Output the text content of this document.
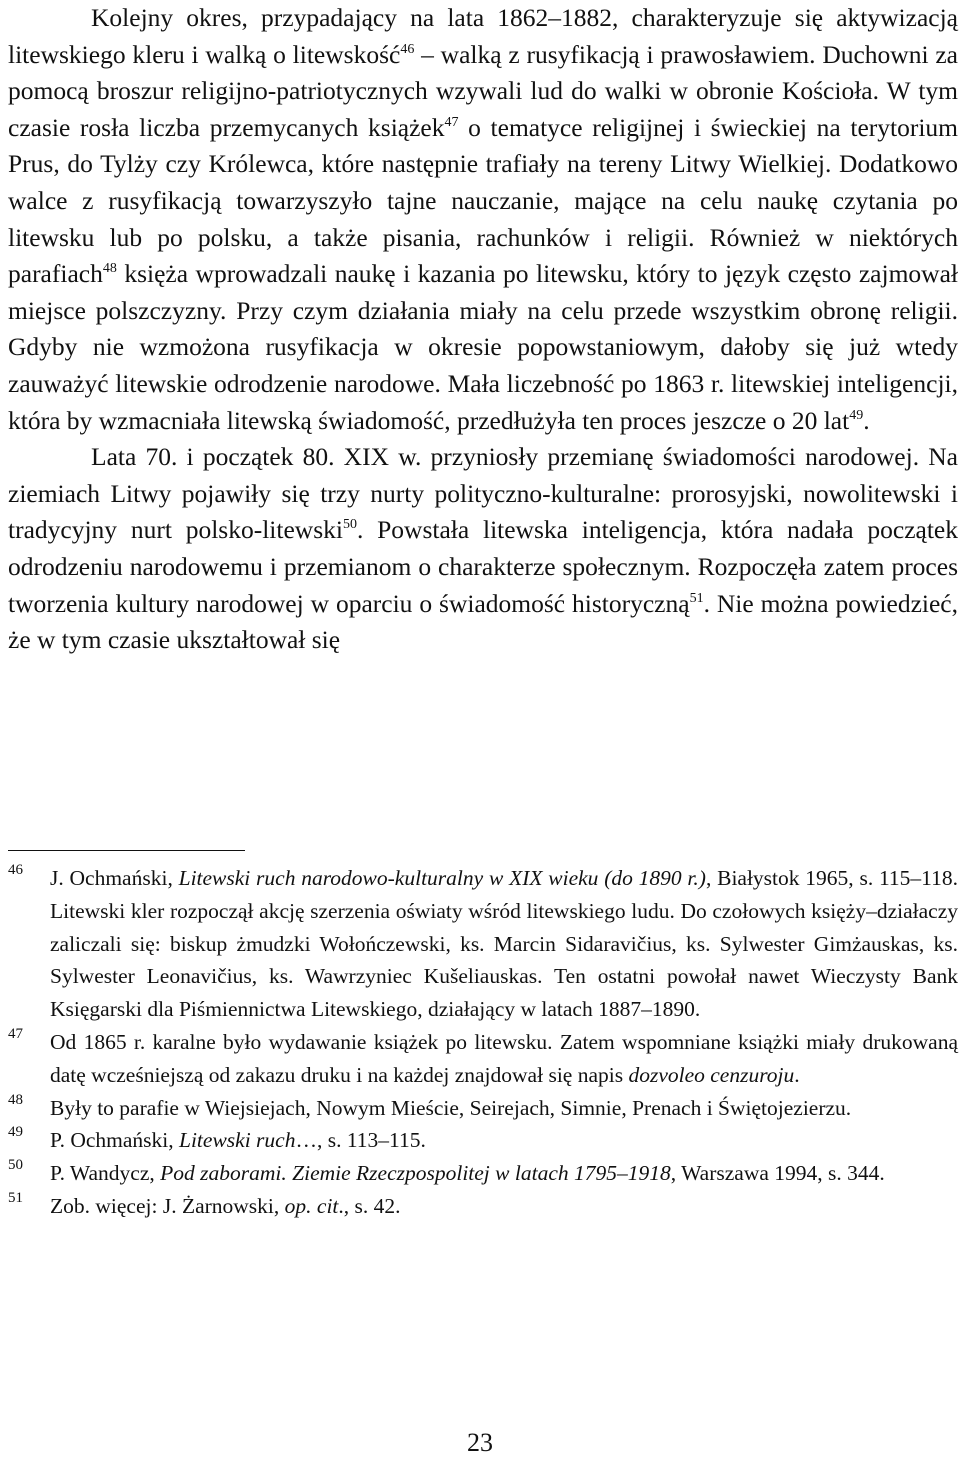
Kolejny okres, przypadający na lata 1862–1882, charakteryzuje się aktywizacją litewskiego kleru i walką o litewskość$^{46}$ – walką z rusyfikacją i prawosławiem. Duchowni za pomocą broszur religijno-patriotycznych wzywali lud do walki w obronie Kościoła. W tym czasie rosła liczba przemycanych książek$^{47}$ o tematyce religijnej i świeckiej na terytorium Prus, do Tylży czy Królewca, które następnie trafiały na tereny Litwy Wielkiej. Dodatkowo walce z rusyfikacją towarzyszyło tajne nauczanie, mające na celu naukę czytania po litewsku lub po polsku, a także pisania, rachunków i religii. Również w niektórych parafiach$^{48}$ księża wprowadzali naukę i kazania po litewsku, który to język często zajmował miejsce polszczyzny. Przy czym działania miały na celu przede wszystkim obronę religii. Gdyby nie wzmożona rusyfikacja w okresie popowstaniowym, dałoby się już wtedy zauważyć litewskie odrodzenie narodowe. Mała liczebność po 1863 r. litewskiej inteligencji, która by wzmacniała litewską świadomość, przedłużyła ten proces jeszcze o 20 lat$^{49}$.

Lata 70. i początek 80. XIX w. przyniosły przemianę świadomości narodowej. Na ziemiach Litwy pojawiły się trzy nurty polityczno-kulturalne: prorosyjski, nowolitewski i tradycyjny nurt polsko-litewski$^{50}$. Powstała litewska inteligencja, która nadała początek odrodzeniu narodowemu i przemianom o charakterze społecznym. Rozpoczęła zatem proces tworzenia kultury narodowej w oparciu o świadomość historyczną$^{51}$. Nie można powiedzieć, że w tym czasie ukształtował się

46 J. Ochmański, Litewski ruch narodowo-kulturalny w XIX wieku (do 1890 r.), Białystok 1965, s. 115–118. Litewski kler rozpoczął akcję szerzenia oświaty wśród litewskiego ludu. Do czołowych księży–działaczy zaliczali się: biskup żmudzki Wołończewski, ks. Marcin Sidaravičius, ks. Sylwester Gimżauskas, ks. Sylwester Leonavičius, ks. Wawrzyniec Kušeliauskas. Ten ostatni powołał nawet Wieczysty Bank Księgarski dla Piśmiennictwa Litewskiego, działający w latach 1887–1890.
47 Od 1865 r. karalne było wydawanie książek po litewsku. Zatem wspomniane książki miały drukowaną datę wcześniejszą od zakazu druku i na każdej znajdował się napis dozvoleo cenzuroju.
48 Były to parafie w Wiejsiejach, Nowym Mieście, Seirejach, Simnie, Prenach i Świętojezierzu.
49 P. Ochmański, Litewski ruch…, s. 113–115.
50 P. Wandycz, Pod zaborami. Ziemie Rzeczpospolitej w latach 1795–1918, Warszawa 1994, s. 344.
51 Zob. więcej: J. Żarnowski, op. cit., s. 42.
23
